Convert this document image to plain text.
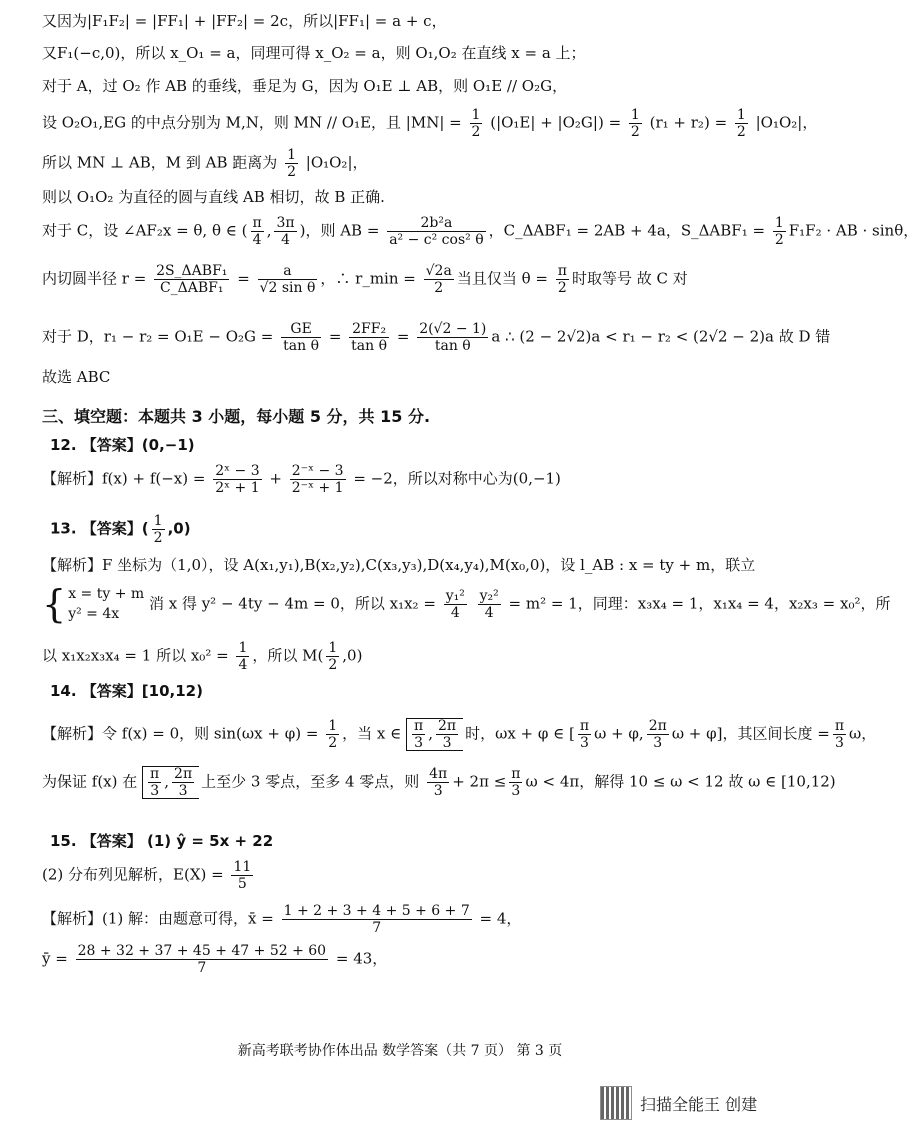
又因为|F₁F₂| = |FF₁| + |FF₂| = 2c，所以|FF₁| = a + c，
又F₁(−c,0)，所以 x_O₁ = a，同理可得 x_O₂ = a，则 O₁,O₂ 在直线 x = a 上；
对于 A，过 O₂ 作 AB 的垂线，垂足为 G，因为 O₁E ⊥ AB，则 O₁E // O₂G，
设 O₂O₁,EG 的中点分别为 M,N，则 MN // O₁E，且 $|MN| = \frac{1}{2} (|O_1E| + |O_2G|) = \frac{1}{2} (r_1 + r_2) = \frac{1}{2} |O_1O_2|$，
所以 MN ⊥ AB，M 到 AB 距离为 $\frac{1}{2} |O_1O_2|$，
则以 O₁O₂ 为直径的圆与直线 AB 相切，故 B 正确.
对于 C，设 ∠AF₂x = θ, θ ∈ ( $\frac{\pi}{4}$ , $\frac{3\pi}{4}$ )，则 AB = $\frac{\text{2b²a}}{\text{a² − c² cos² θ}}$ ，C_ΔABF₁ = 2AB + 4a，S_ΔABF₁ = $\frac{1}{2} F_1F_2$ · AB · sinθ，
内切圆半径 $r = \frac{\text{2S\_ΔABF₁}}{\text{C\_ΔABF₁}} = \frac{a}{\text{√2 sin θ}}$ ，∴ r_min = $\frac{√2a}{2}$ 当且仅当 $\theta = \frac{\pi}{2}$ 时取等号 故 C 对
对于 D，$r_1 - r_2 = O_1E - O_2G = \frac{GE}{\text{tan θ}} = \frac{\text{2FF₂}}{\text{tan θ}} = \frac{2(√2 - 1)}{\text{tan θ}}$ a ∴ (2 − 2√2)a < r₁ − r₂ < (2√2 − 2)a 故 D 错
故选 ABC
三、填空题：本题共 3 小题，每小题 5 分，共 15 分.
12. 【答案】(0,−1)
【解析】$f(x) + f(-x) = \frac{\text{2ˣ − 3}}{\text{2ˣ + 1}} + \frac{\text{2⁻ˣ − 3}}{\text{2⁻ˣ + 1}} = -2$，所以对称中心为(0,−1)
13. 【答案】( $\frac{1}{2} ,0$)
【解析】F 坐标为（1,0），设 A(x₁,y₁),B(x₂,y₂),C(x₃,y₃),D(x₄,y₄),M(x₀,0)，设 l_AB : x = ty + m，联立
{ x = ty + m
y² = 4x
消 x 得 y² − 4ty − 4m = 0，所以 $x_1x_2 = \frac{\text{y₁²}}{4}$
$\frac{\text{y₂²}}{4} = m^2 = 1$，同理：x₃x₄ = 1，x₁x₄ = 4，x₂x₃ = x₀²，所
以 x₁x₂x₃x₄ = 1 所以 $x_0^2 = \frac{1}{4}$ ，所以 $M( \frac{1}{2} ,0)$
14. 【答案】[10,12)
【解析】令 f(x) = 0，则 $\sin(\omega x + \varphi) = \frac{1}{2}$ ，当 x ∈ $\frac{\pi}{3}$ , $\frac{2\pi}{3}$ 时，ωx + φ ∈ [ $\frac{\pi}{3}$ ω + φ, $\frac{2\pi}{3}$ ω + φ]，其区间长度 = $\frac{\pi}{3}$ ω，
为保证 f(x) 在 $\frac{\pi}{3}$ , $\frac{2\pi}{3}$ 上至少 3 零点，至多 4 零点，则 $\frac{4\pi}{3} + 2\pi \le \frac{\pi}{3}$ ω < 4π，解得 10 ≤ ω < 12 故 ω ∈ [10,12)
15. 【答案】 (1) ŷ = 5x + 22
(2) 分布列见解析，$E(X) = \frac{11}{5}$
【解析】(1) 解：由题意可得，x̄ = $\frac{1 + 2 + 3 + 4 + 5 + 6 + 7}{7} = 4$，
ȳ = $\frac{28 + 32 + 37 + 45 + 47 + 52 + 60}{7} = 43$，
新高考联考协作体出品 数学答案（共 7 页） 第 3 页
扫描全能王 创建
